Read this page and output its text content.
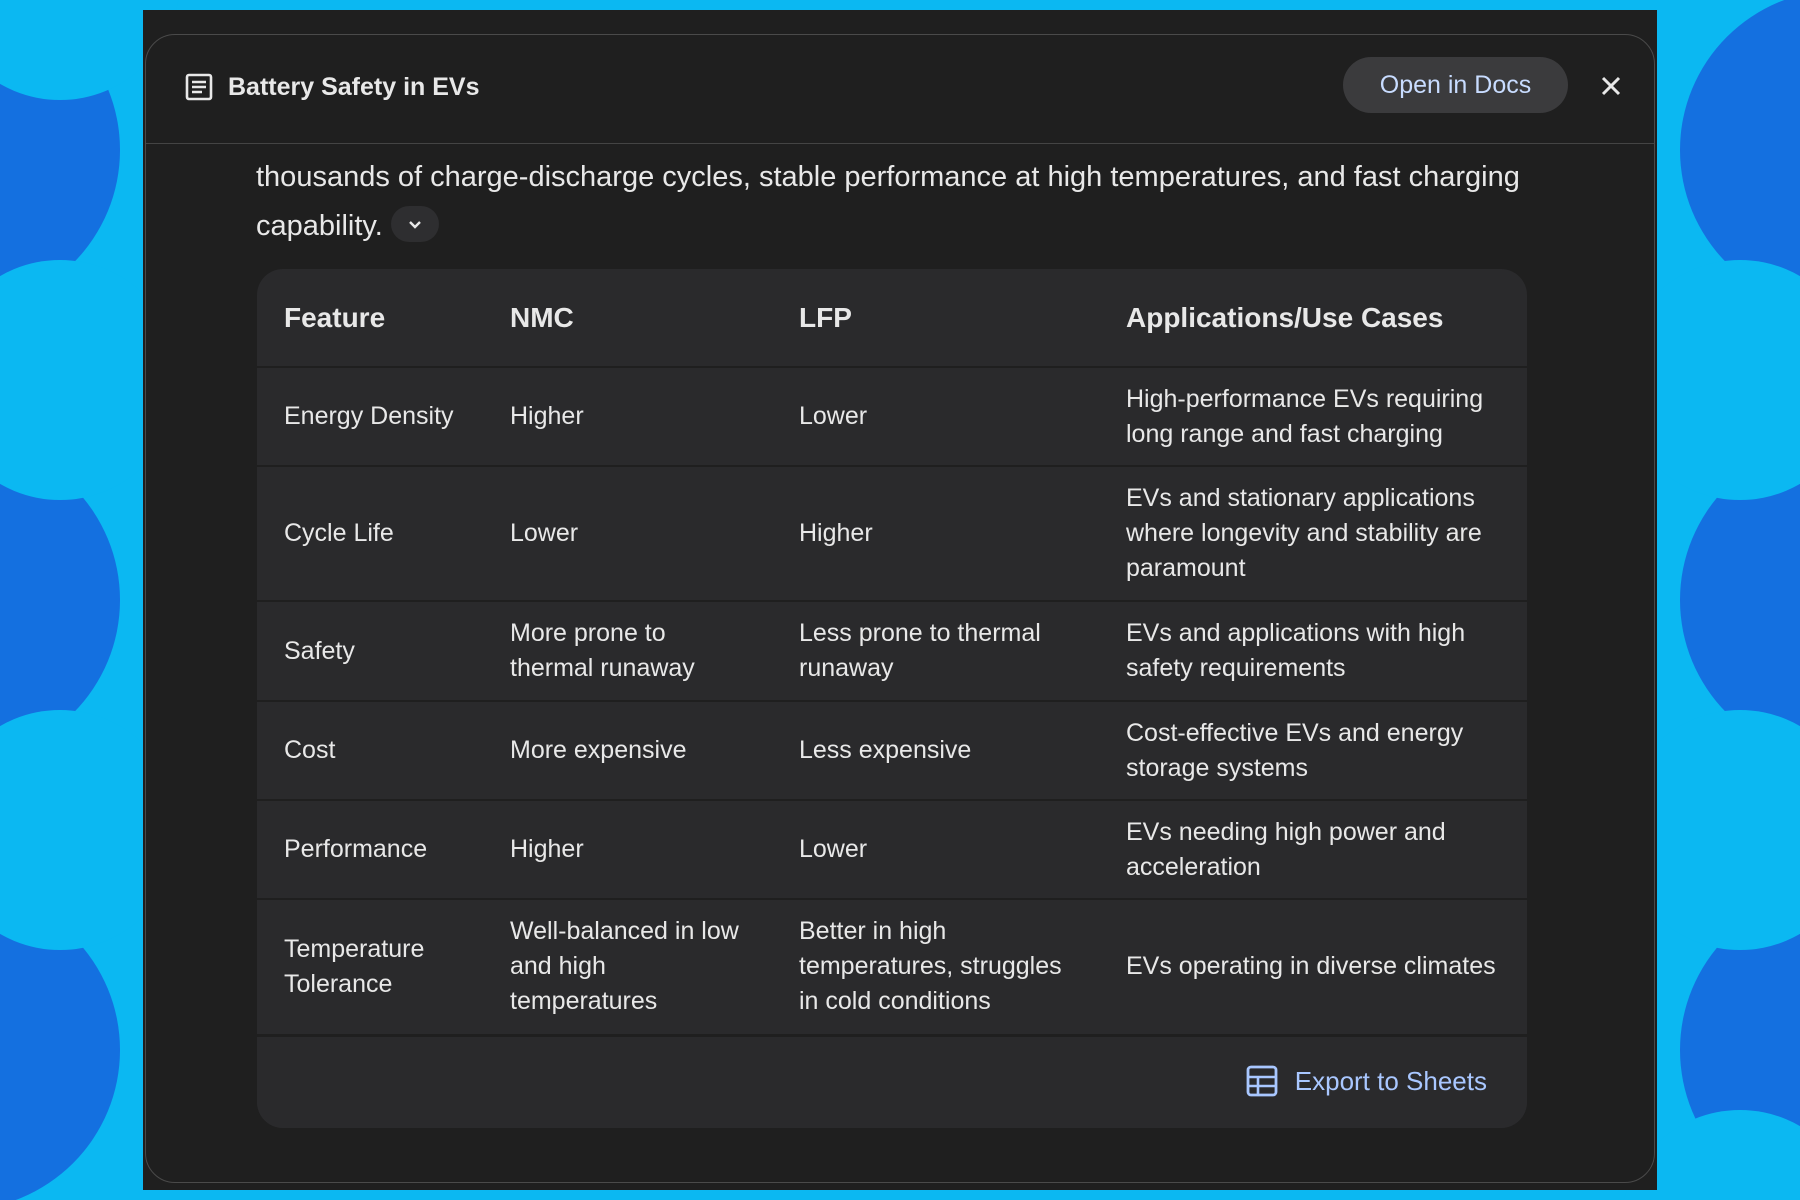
Battery Safety in EVs	Open in Docs
thousands of charge-discharge cycles, stable performance at high temperatures, and fast charging capability.
Feature	NMC	LFP	Applications/Use Cases
Energy Density	Higher	Lower	High-performance EVs requiring long range and fast charging
Cycle Life	Lower	Higher	EVs and stationary applications where longevity and stability are paramount
Safety	More prone to thermal runaway	Less prone to thermal runaway	EVs and applications with high safety requirements
Cost	More expensive	Less expensive	Cost-effective EVs and energy storage systems
Performance	Higher	Lower	EVs needing high power and acceleration
Temperature Tolerance	Well-balanced in low and high temperatures	Better in high temperatures, struggles in cold conditions	EVs operating in diverse climates
Export to Sheets
